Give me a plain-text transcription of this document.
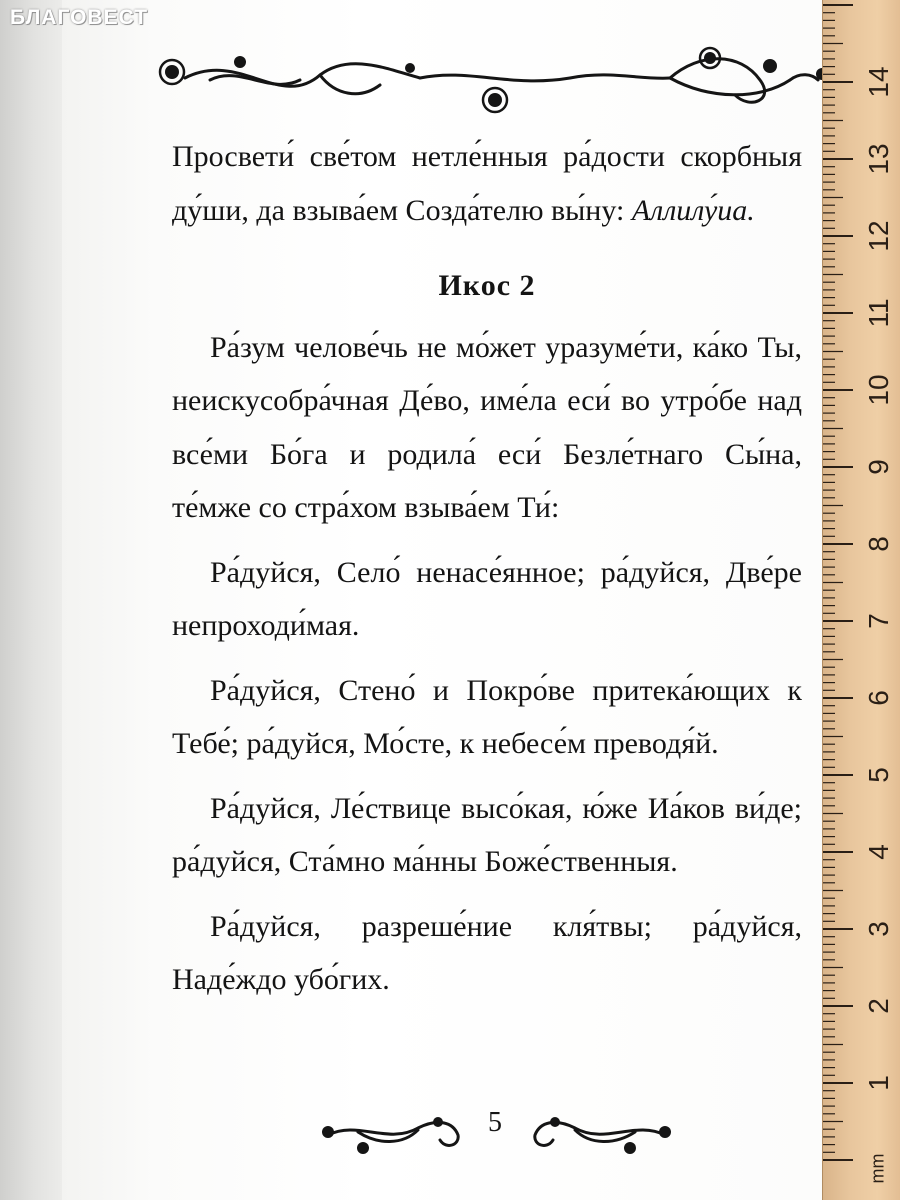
БЛАГОВЕСТ

Просвети́ све́том нетле́нныя ра́дости скорбныя ду́ши, да взыва́ем Созда́телю вы́ну: Аллилу́иа.

Икос 2

Ра́зум челове́чь не мо́жет уразуме́ти, ка́ко Ты, неискусобра́чная Де́во, име́ла еси́ во утро́бе над все́ми Бо́га и родила́ еси́ Безле́тнаго Сы́на, те́мже со стра́хом взыва́ем Ти́:

Ра́дуйся, Село́ ненасе́янное; ра́дуйся, Две́ре непроходи́мая.

Ра́дуйся, Стено́ и Покро́ве притека́ющих к Тебе́; ра́дуйся, Мо́сте, к небесе́м преводя́й.

Ра́дуйся, Ле́ствице высо́кая, ю́же Иа́ков ви́де; ра́дуйся, Ста́мно ма́нны Боже́ственныя.

Ра́дуйся, разреше́ние кля́твы; ра́дуйся, Наде́ждо убо́гих.

5
1
2
3
4
5
6
7
8
9
10
11
12
13
14
mm
